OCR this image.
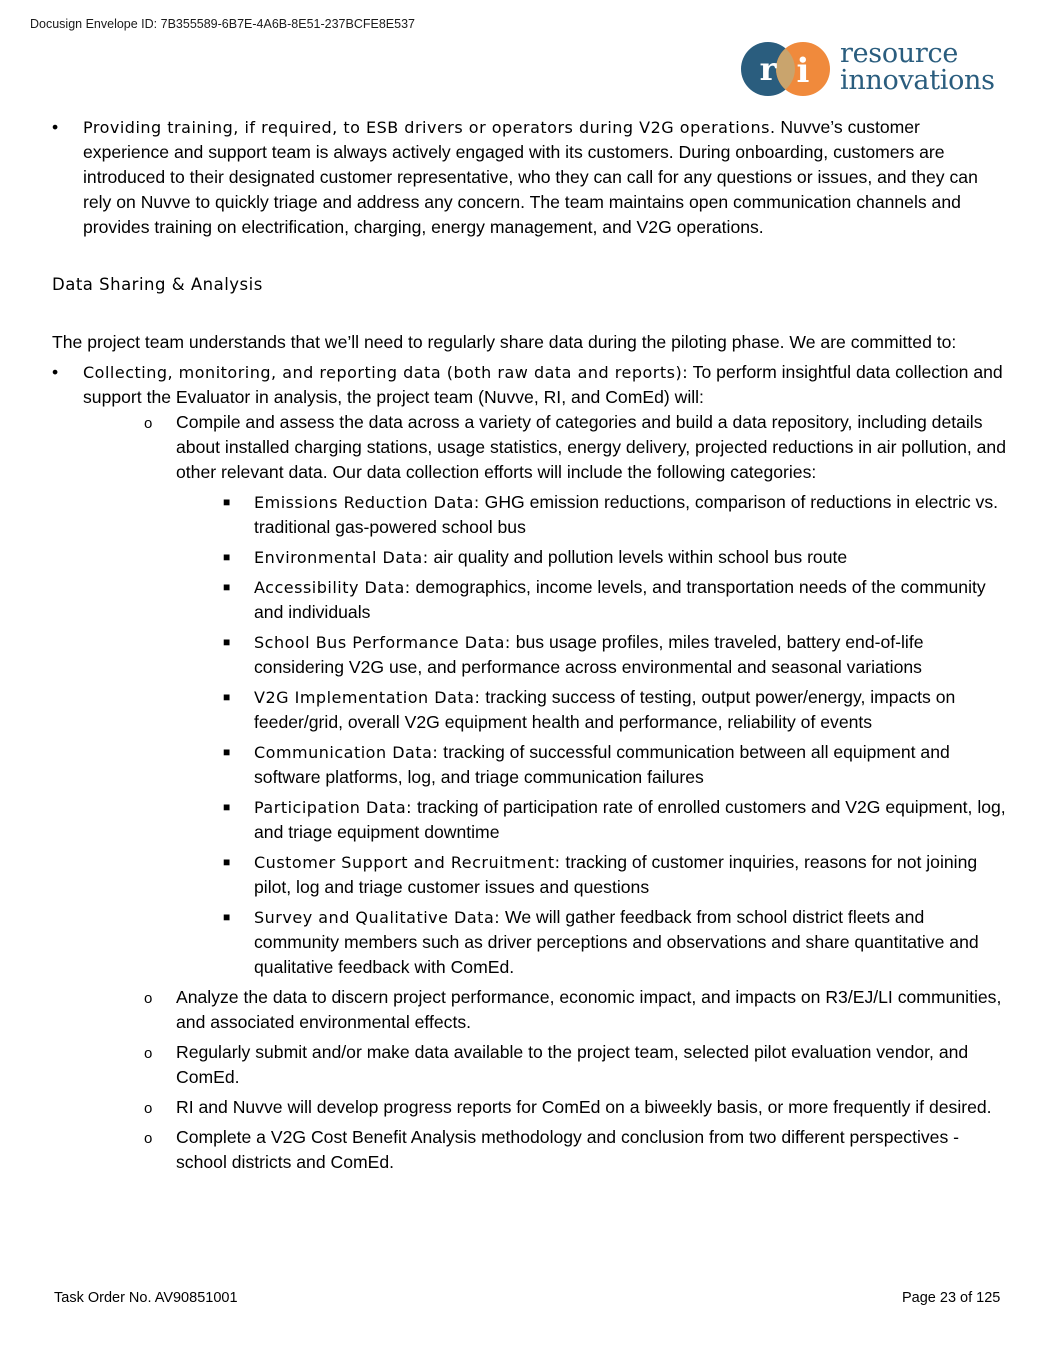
Docusign Envelope ID: 7B355589-6B7E-4A6B-8E51-237BCFE8E537
r i resource
innovations
• Providing training, if required, to ESB drivers or operators during V2G operations. Nuvve’s customer experience and support team is always actively engaged with its customers. During onboarding, customers are introduced to their designated customer representative, who they can call for any questions or issues, and they can rely on Nuvve to quickly triage and address any concern. The team maintains open communication channels and provides training on electrification, charging, energy management, and V2G operations.
Data Sharing & Analysis
The project team understands that we’ll need to regularly share data during the piloting phase. We are committed to:
• Collecting, monitoring, and reporting data (both raw data and reports): To perform insightful data collection and support the Evaluator in analysis, the project team (Nuvve, RI, and ComEd) will:
o Compile and assess the data across a variety of categories and build a data repository, including details about installed charging stations, usage statistics, energy delivery, projected reductions in air pollution, and other relevant data. Our data collection efforts will include the following categories:
■ Emissions Reduction Data: GHG emission reductions, comparison of reductions in electric vs. traditional gas-powered school bus
■ Environmental Data: air quality and pollution levels within school bus route
■ Accessibility Data: demographics, income levels, and transportation needs of the community and individuals
■ School Bus Performance Data: bus usage profiles, miles traveled, battery end-of-life considering V2G use, and performance across environmental and seasonal variations
■ V2G Implementation Data: tracking success of testing, output power/energy, impacts on feeder/grid, overall V2G equipment health and performance, reliability of events
■ Communication Data: tracking of successful communication between all equipment and software platforms, log, and triage communication failures
■ Participation Data: tracking of participation rate of enrolled customers and V2G equipment, log, and triage equipment downtime
■ Customer Support and Recruitment: tracking of customer inquiries, reasons for not joining pilot, log and triage customer issues and questions
■ Survey and Qualitative Data: We will gather feedback from school district fleets and community members such as driver perceptions and observations and share quantitative and qualitative feedback with ComEd.
o Analyze the data to discern project performance, economic impact, and impacts on R3/EJ/LI communities, and associated environmental effects.
o Regularly submit and/or make data available to the project team, selected pilot evaluation vendor, and ComEd.
o RI and Nuvve will develop progress reports for ComEd on a biweekly basis, or more frequently if desired.
o Complete a V2G Cost Benefit Analysis methodology and conclusion from two different perspectives - school districts and ComEd.
Task Order No. AV90851001	Page 23 of 125
